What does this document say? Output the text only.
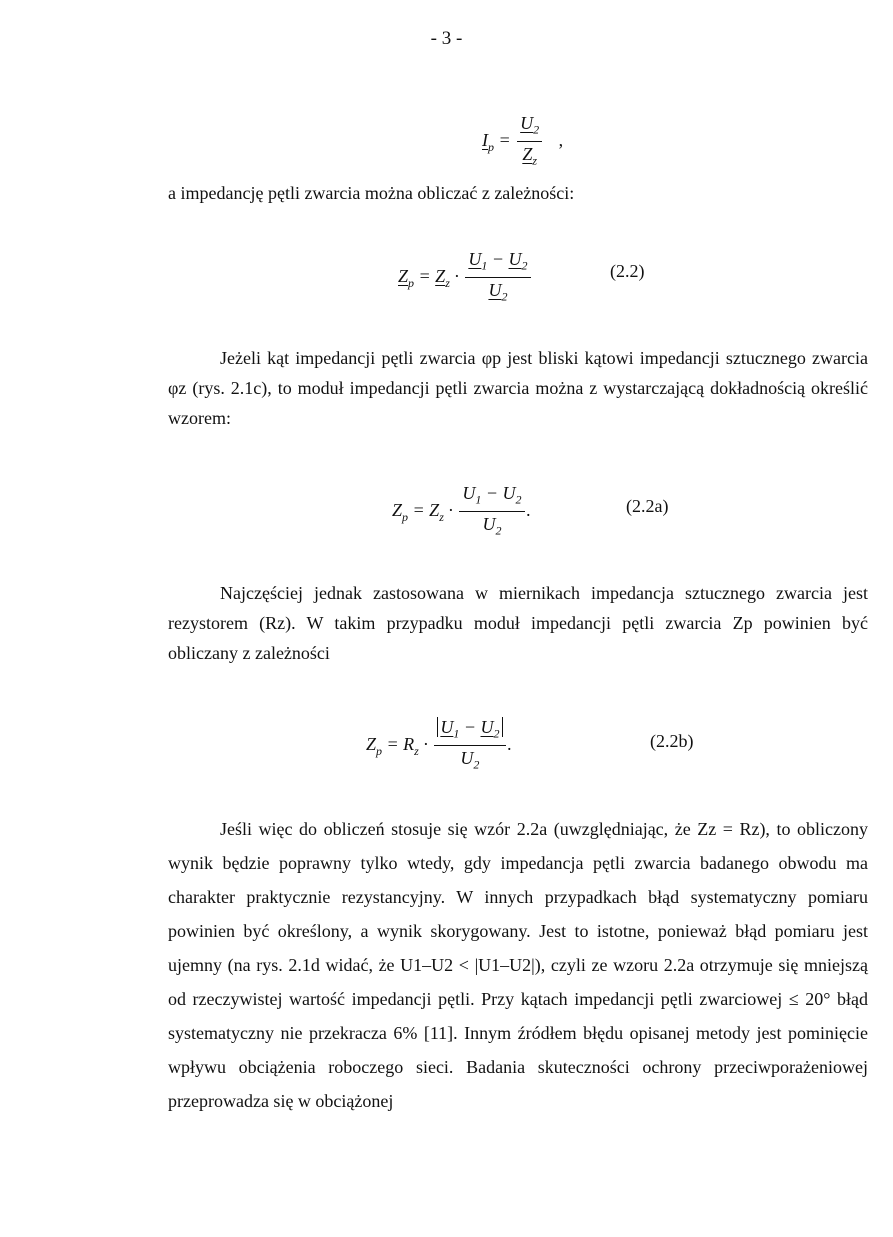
- 3 -
$I_p = \frac{U_2}{Z_z}$ ,
a impedancję pętli zwarcia można obliczać z zależności:
$Z_p = Z_z \cdot \frac{U_1 - U_2}{U_2}$	(2.2)
Jeżeli kąt impedancji pętli zwarcia φp jest bliski kątowi impedancji sztucznego zwarcia φz (rys. 2.1c), to moduł impedancji pętli zwarcia można z wystarczającą dokładnością określić wzorem:
$Z_p = Z_z \cdot \frac{U_1 - U_2}{U_2}$ .	(2.2a)
Najczęściej jednak zastosowana w miernikach impedancja sztucznego zwarcia jest rezystorem (Rz). W takim przypadku moduł impedancji pętli zwarcia Zp powinien być obliczany z zależności
$Z_p = R_z \cdot \frac{U_1 - U_2}{U_2}$ .	(2.2b)
Jeśli więc do obliczeń stosuje się wzór 2.2a (uwzględniając, że Zz = Rz), to obliczony wynik będzie poprawny tylko wtedy, gdy impedancja pętli zwarcia badanego obwodu ma charakter praktycznie rezystancyjny. W innych przypadkach błąd systematyczny pomiaru powinien być określony, a wynik skorygowany. Jest to istotne, ponieważ błąd pomiaru jest ujemny (na rys. 2.1d widać, że U1–U2 < |U1–U2|), czyli ze wzoru 2.2a otrzymuje się mniejszą od rzeczywistej wartość impedancji pętli. Przy kątach impedancji pętli zwarciowej ≤ 20° błąd systematyczny nie przekracza 6% [11]. Innym źródłem błędu opisanej metody jest pominięcie wpływu obciążenia roboczego sieci. Badania skuteczności ochrony przeciwporażeniowej przeprowadza się w obciążonej
